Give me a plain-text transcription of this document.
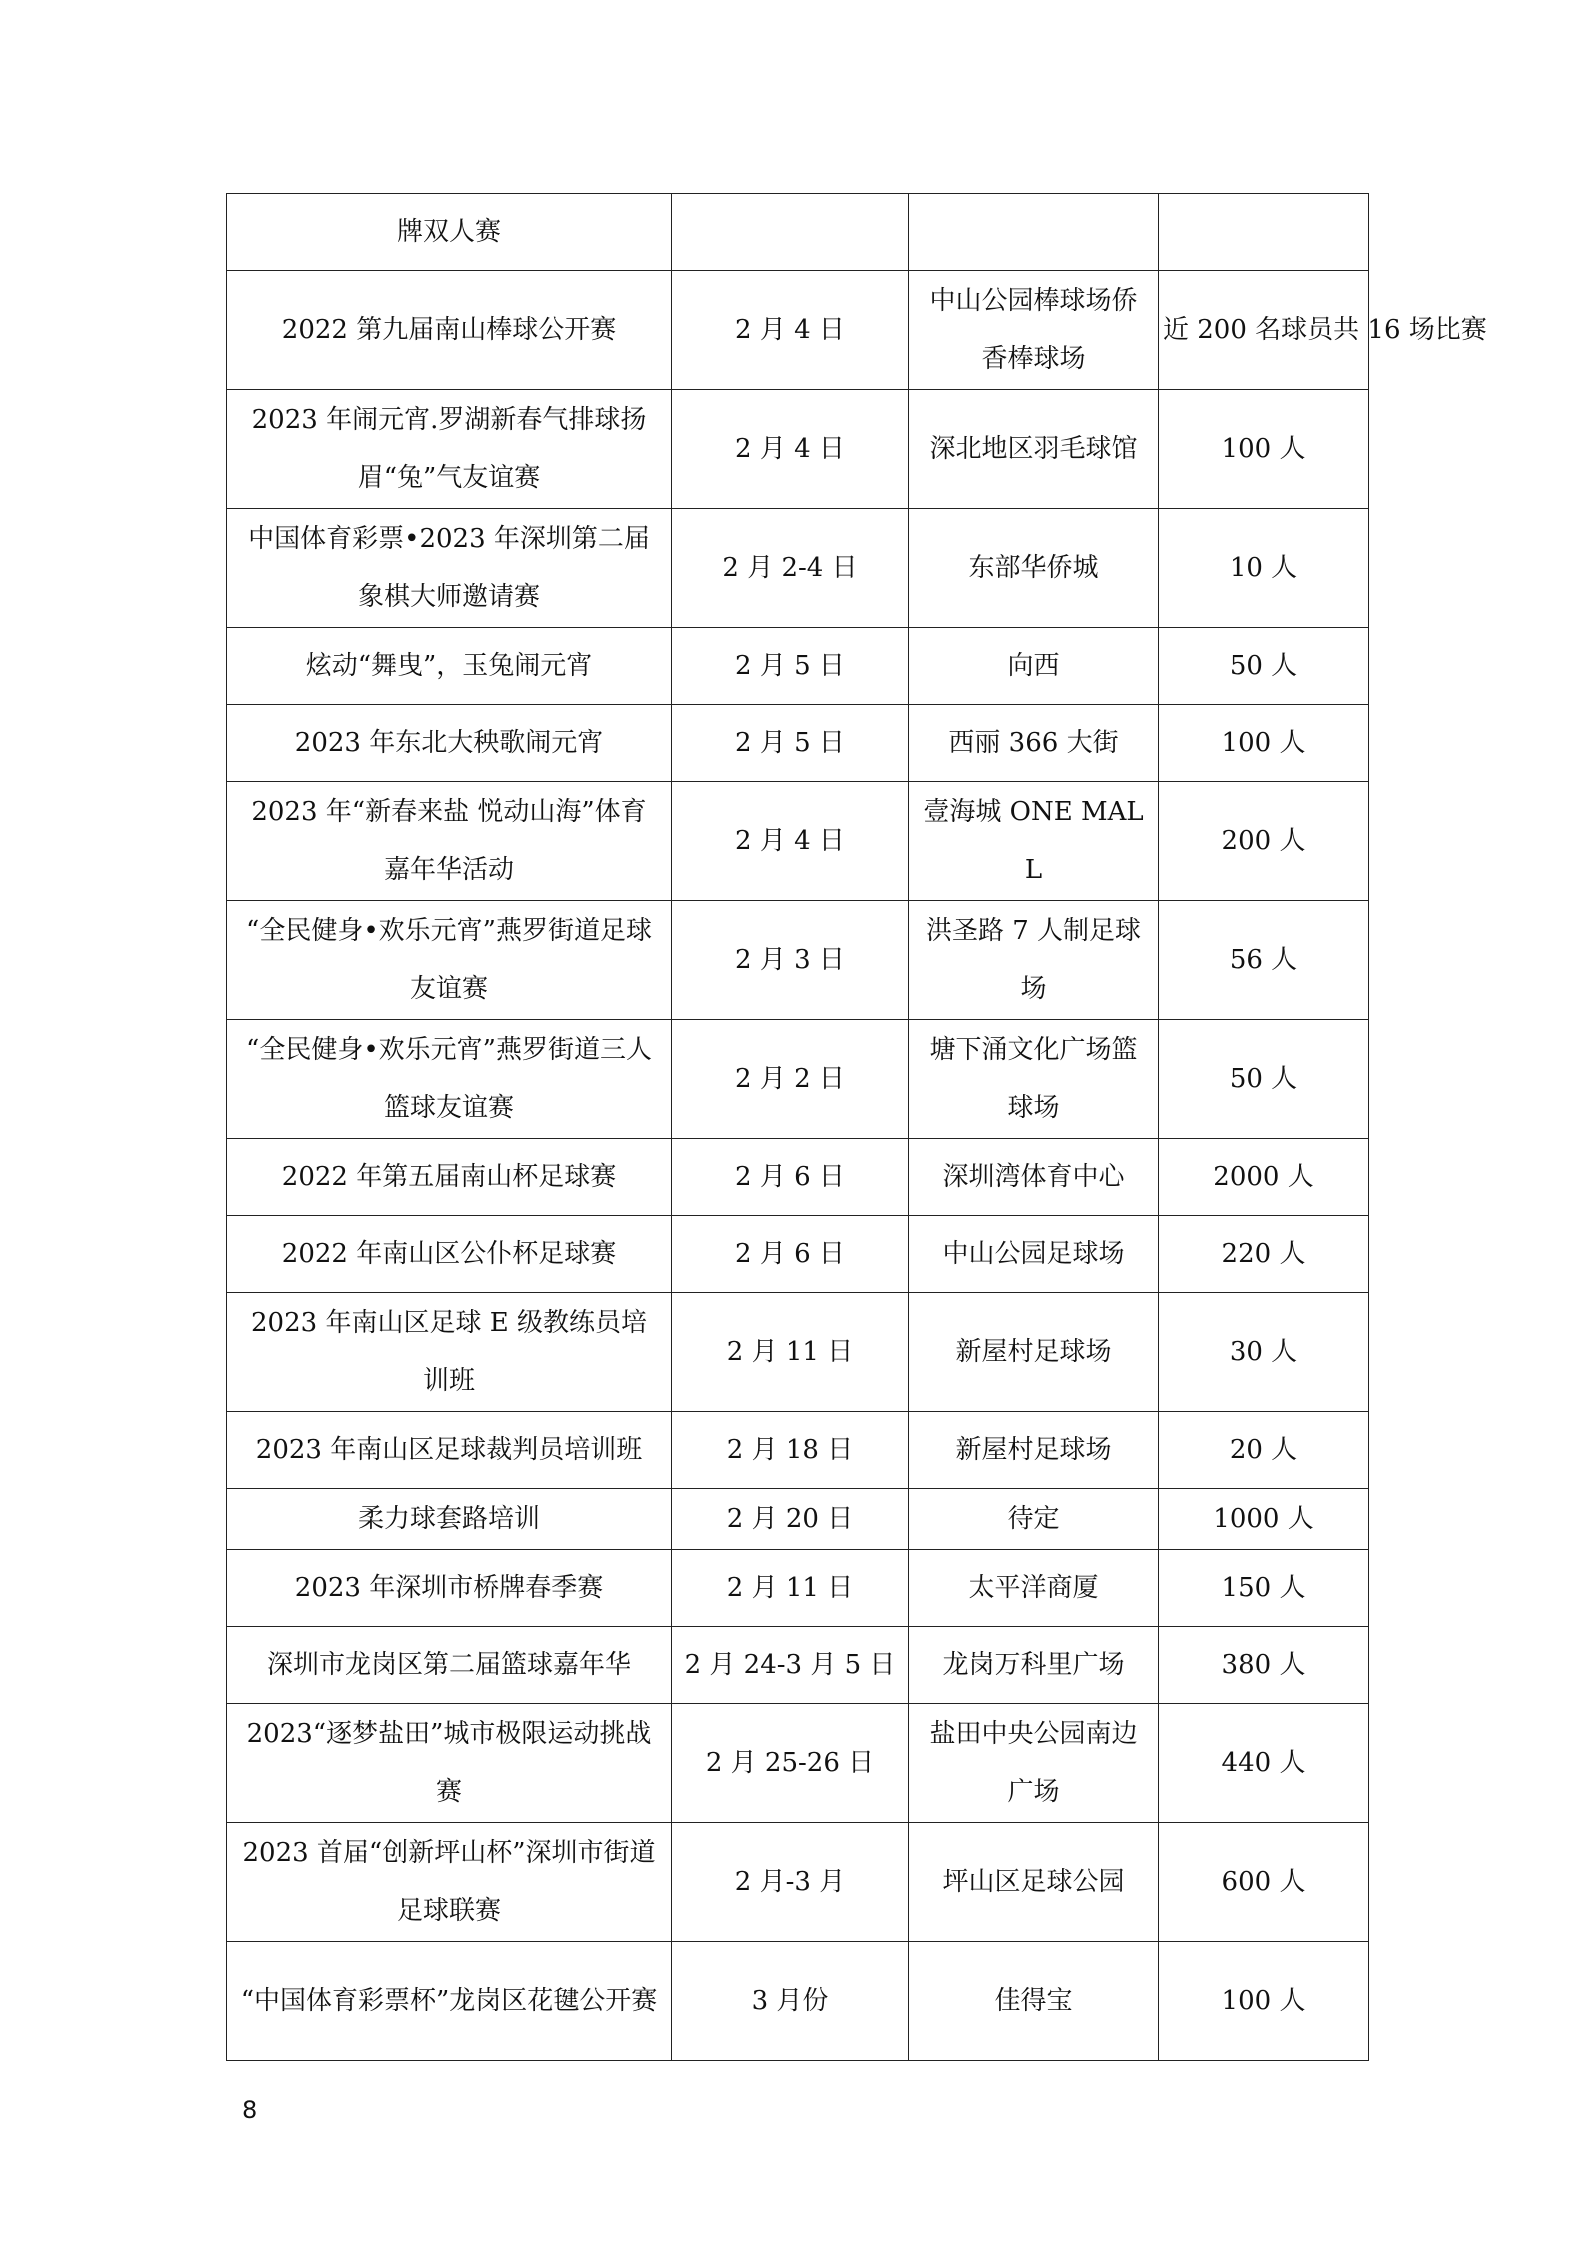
牌双人赛			
2022 第九届南山棒球公开赛	2 月 4 日	中山公园棒球场侨香棒球场	近 200 名球员共 16 场比赛
2023 年闹元宵.罗湖新春气排球扬眉“兔”气友谊赛	2 月 4 日	深北地区羽毛球馆	100 人
中国体育彩票•2023 年深圳第二届象棋大师邀请赛	2 月 2-4 日	东部华侨城	10 人
炫动“舞曳”，玉兔闹元宵	2 月 5 日	向西	50 人
2023 年东北大秧歌闹元宵	2 月 5 日	西丽 366 大街	100 人
2023 年“新春来盐 悦动山海”体育嘉年华活动	2 月 4 日	壹海城 ONE MALL	200 人
“全民健身•欢乐元宵”燕罗街道足球友谊赛	2 月 3 日	洪圣路 7 人制足球场	56 人
“全民健身•欢乐元宵”燕罗街道三人篮球友谊赛	2 月 2 日	塘下涌文化广场篮球场	50 人
2022 年第五届南山杯足球赛	2 月 6 日	深圳湾体育中心	2000 人
2022 年南山区公仆杯足球赛	2 月 6 日	中山公园足球场	220 人
2023 年南山区足球 E 级教练员培训班	2 月 11 日	新屋村足球场	30 人
2023 年南山区足球裁判员培训班	2 月 18 日	新屋村足球场	20 人
柔力球套路培训	2 月 20 日	待定	1000 人
2023 年深圳市桥牌春季赛	2 月 11 日	太平洋商厦	150 人
深圳市龙岗区第二届篮球嘉年华	2 月 24-3 月 5 日	龙岗万科里广场	380 人
2023“逐梦盐田”城市极限运动挑战赛	2 月 25-26 日	盐田中央公园南边广场	440 人
2023 首届“创新坪山杯”深圳市街道足球联赛	2 月-3 月	坪山区足球公园	600 人
“中国体育彩票杯”龙岗区花毽公开赛	3 月份	佳得宝	100 人
8
